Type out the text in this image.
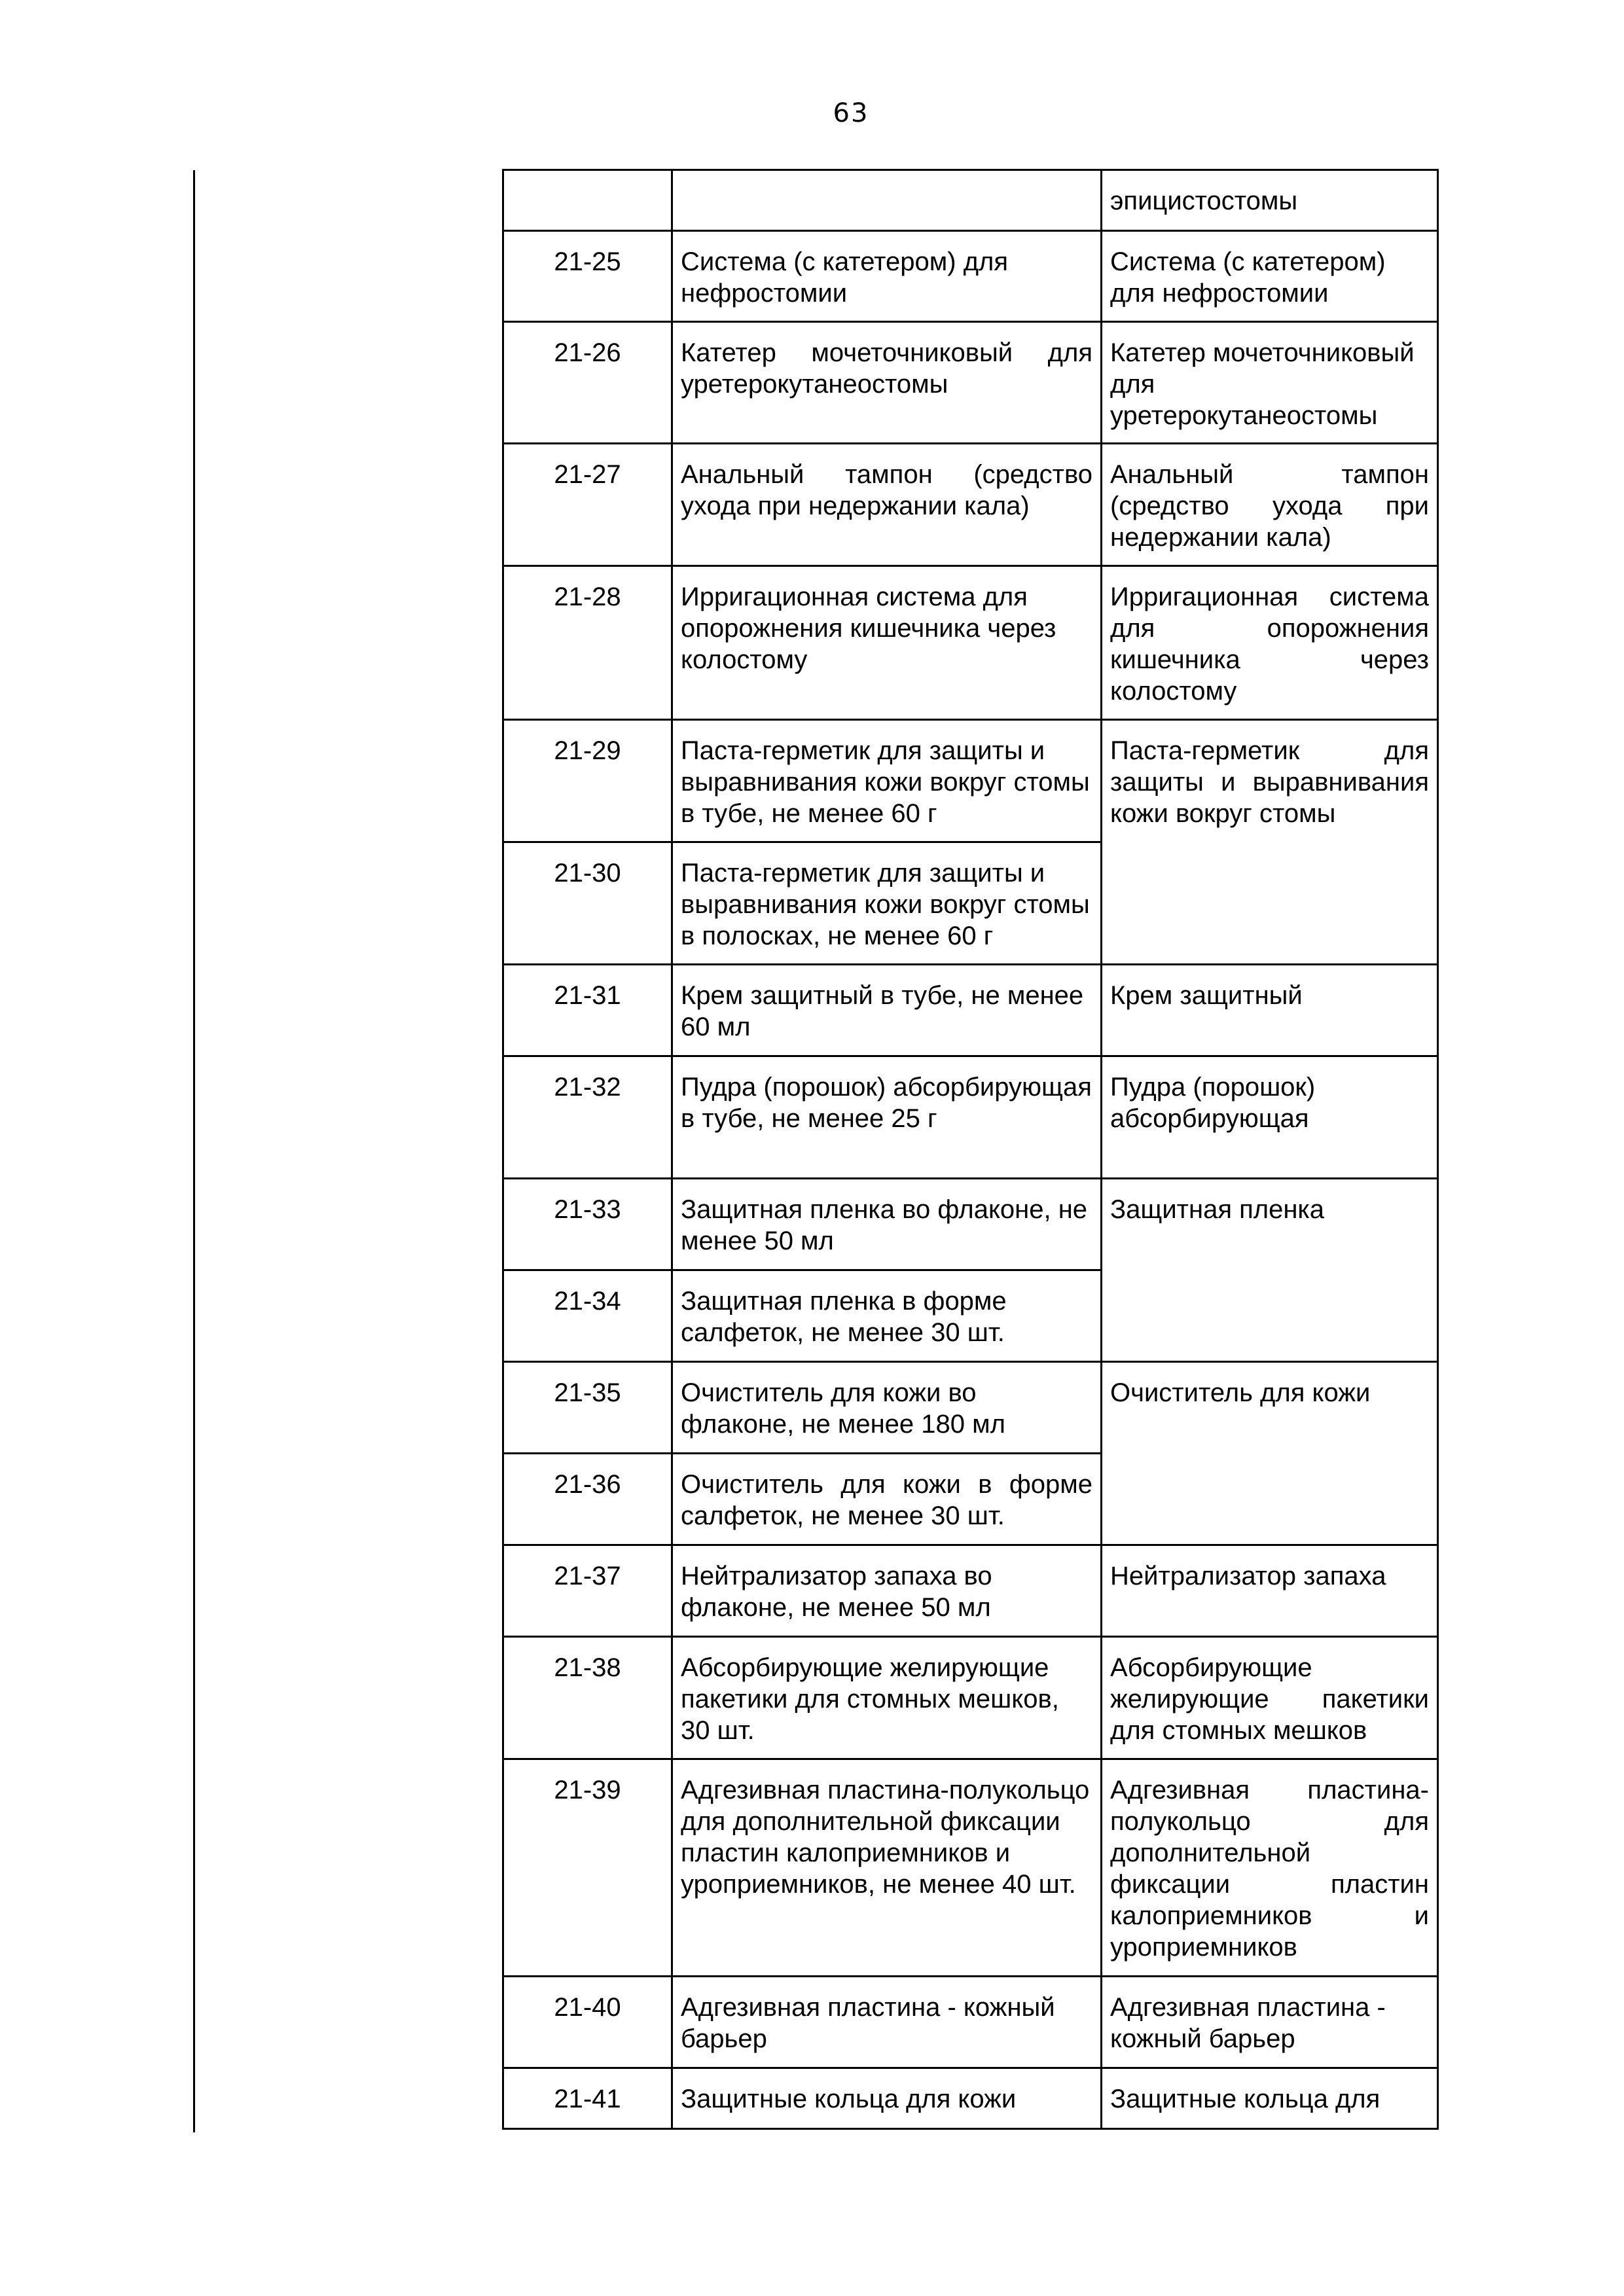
63
		эпицистостомы
21-25	Система (с катетером) для нефростомии	Система (с катетером) для нефростомии
21-26	Катетер мочеточниковый для уретерокутанеостомы	Катетер мочеточниковый для уретерокутанеостомы
21-27	Анальный тампон (средство ухода при недержании кала)	Анальный тампон (средство ухода при недержании кала)
21-28	Ирригационная система для опорожнения кишечника через колостому	Ирригационная система для опорожнения кишечника через колостому
21-29	Паста-герметик для защиты и выравнивания кожи вокруг стомы в тубе, не менее 60 г	Паста-герметик для защиты и выравнивания кожи вокруг стомы
21-30	Паста-герметик для защиты и выравнивания кожи вокруг стомы в полосках, не менее 60 г	
21-31	Крем защитный в тубе, не менее 60 мл	Крем защитный
21-32	Пудра (порошок) абсорбирующая в тубе, не менее 25 г	Пудра (порошок) абсорбирующая
21-33	Защитная пленка во флаконе, не менее 50 мл	Защитная пленка
21-34	Защитная пленка в форме салфеток, не менее 30 шт.	
21-35	Очиститель для кожи во флаконе, не менее 180 мл	Очиститель для кожи
21-36	Очиститель для кожи в форме салфеток, не менее 30 шт.	
21-37	Нейтрализатор запаха во флаконе, не менее 50 мл	Нейтрализатор запаха
21-38	Абсорбирующие желирующие пакетики для стомных мешков, 30 шт.	Абсорбирующие желирующие пакетики для стомных мешков
21-39	Адгезивная пластина-полукольцо для дополнительной фиксации пластин калоприемников и уроприемников, не менее 40 шт.	Адгезивная пластина-полукольцо для дополнительной фиксации пластин калоприемников и уроприемников
21-40	Адгезивная пластина - кожный барьер	Адгезивная пластина - кожный барьер
21-41	Защитные кольца для кожи	Защитные кольца для
